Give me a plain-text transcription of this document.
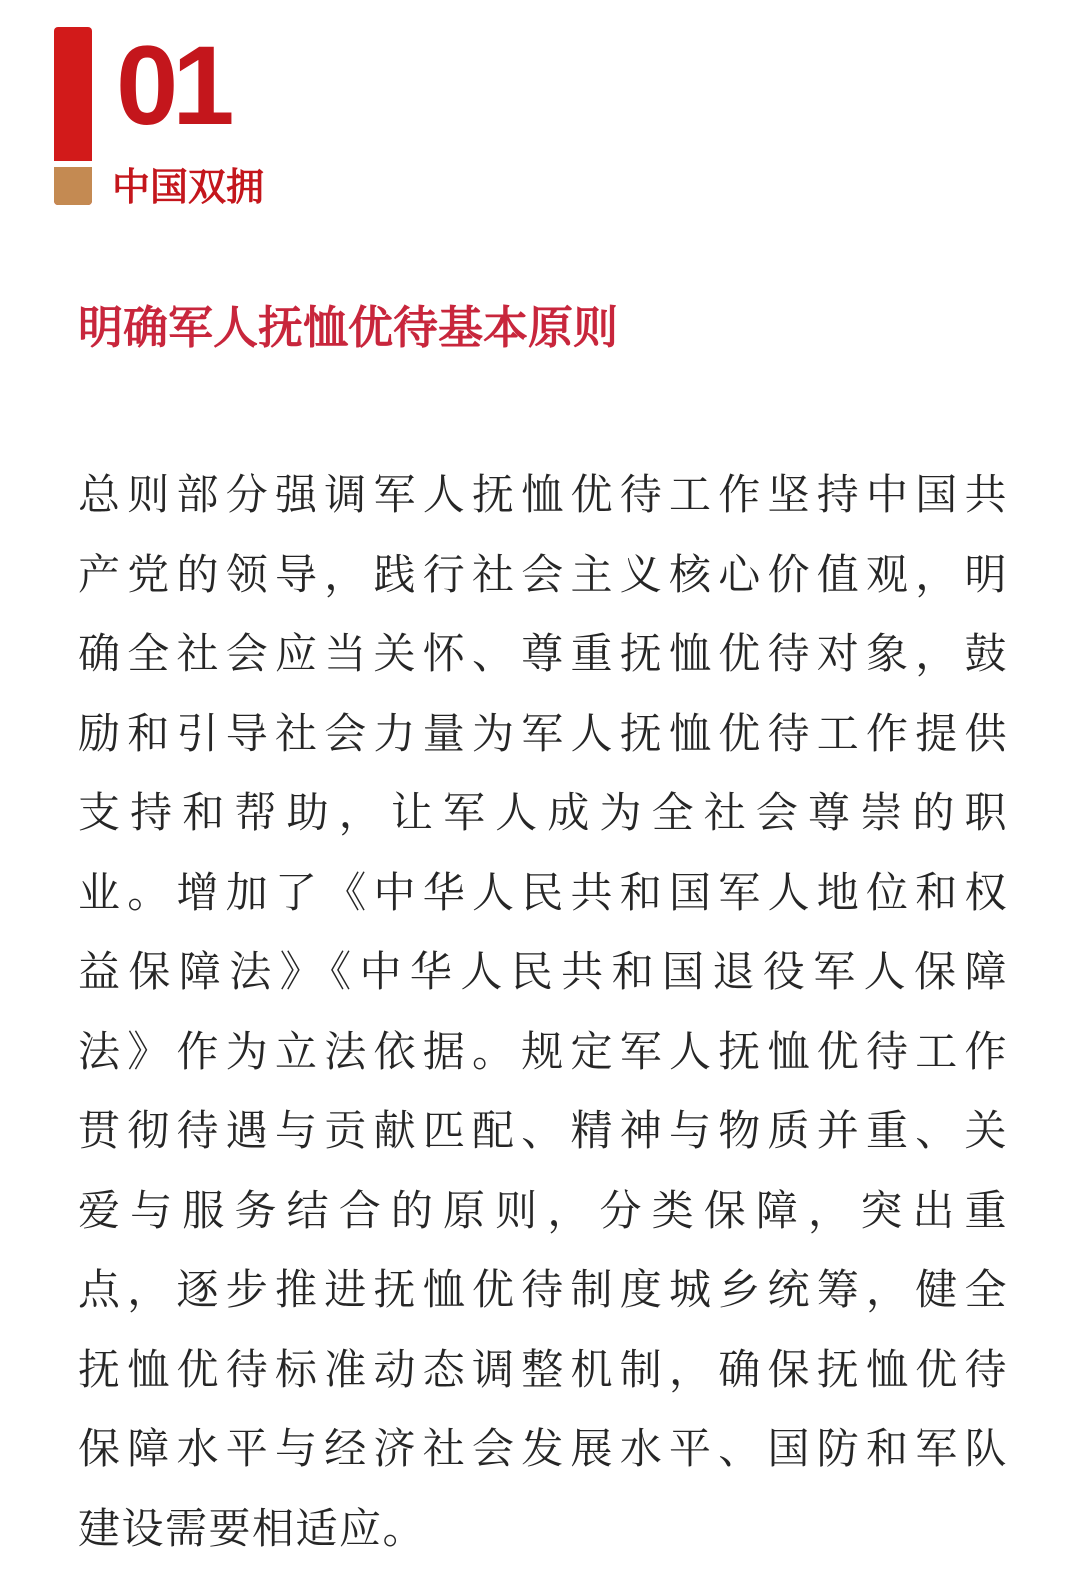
01
中国双拥
明确军人抚恤优待基本原则
总则部分强调军人抚恤优待工作坚持中国共
产党的领导，践行社会主义核心价值观，明
确全社会应当关怀、尊重抚恤优待对象，鼓
励和引导社会力量为军人抚恤优待工作提供
支持和帮助，让军人成为全社会尊崇的职
业。增加了《中华人民共和国军人地位和权
益保障法》《中华人民共和国退役军人保障
法》作为立法依据。规定军人抚恤优待工作
贯彻待遇与贡献匹配、精神与物质并重、关
爱与服务结合的原则，分类保障，突出重
点，逐步推进抚恤优待制度城乡统筹，健全
抚恤优待标准动态调整机制，确保抚恤优待
保障水平与经济社会发展水平、国防和军队
建设需要相适应。
